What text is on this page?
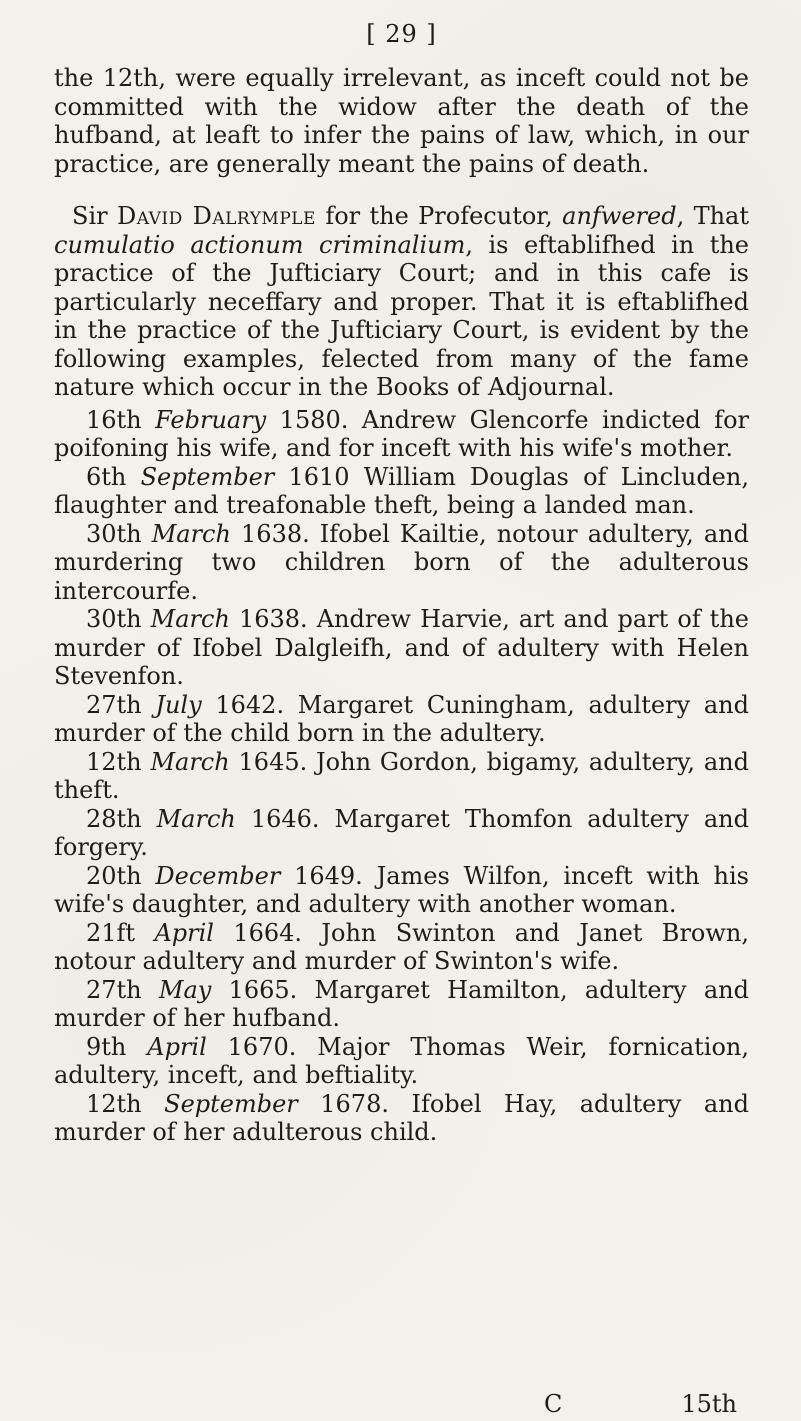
[ 29 ]

the 12th, were equally irrelevant, as inceft could not be committed with the widow after the death of the hufband, at leaft to infer the pains of law, which, in our practice, are generally meant the pains of death.

Sir David Dalrymple for the Profecutor, anfwered, That cumulatio actionum criminalium, is eftablifhed in the practice of the Jufticiary Court; and in this cafe is particularly neceffary and proper. That it is eftablifhed in the practice of the Jufticiary Court, is evident by the following examples, felected from many of the fame nature which occur in the Books of Adjournal.

16th February 1580. Andrew Glencorfe indicted for poifoning his wife, and for inceft with his wife's mother.

6th September 1610 William Douglas of Lincluden, flaughter and treafonable theft, being a landed man.

30th March 1638. Ifobel Kailtie, notour adultery, and murdering two children born of the adulterous intercourfe.

30th March 1638. Andrew Harvie, art and part of the murder of Ifobel Dalgleifh, and of adultery with Helen Stevenfon.

27th July 1642. Margaret Cuningham, adultery and murder of the child born in the adultery.

12th March 1645. John Gordon, bigamy, adultery, and theft.

28th March 1646. Margaret Thomfon adultery and forgery.

20th December 1649. James Wilfon, inceft with his wife's daughter, and adultery with another woman.

21ft April 1664. John Swinton and Janet Brown, notour adultery and murder of Swinton's wife.

27th May 1665. Margaret Hamilton, adultery and murder of her hufband.

9th April 1670. Major Thomas Weir, fornication, adultery, inceft, and beftiality.

12th September 1678. Ifobel Hay, adultery and murder of her adulterous child.

C	15th
